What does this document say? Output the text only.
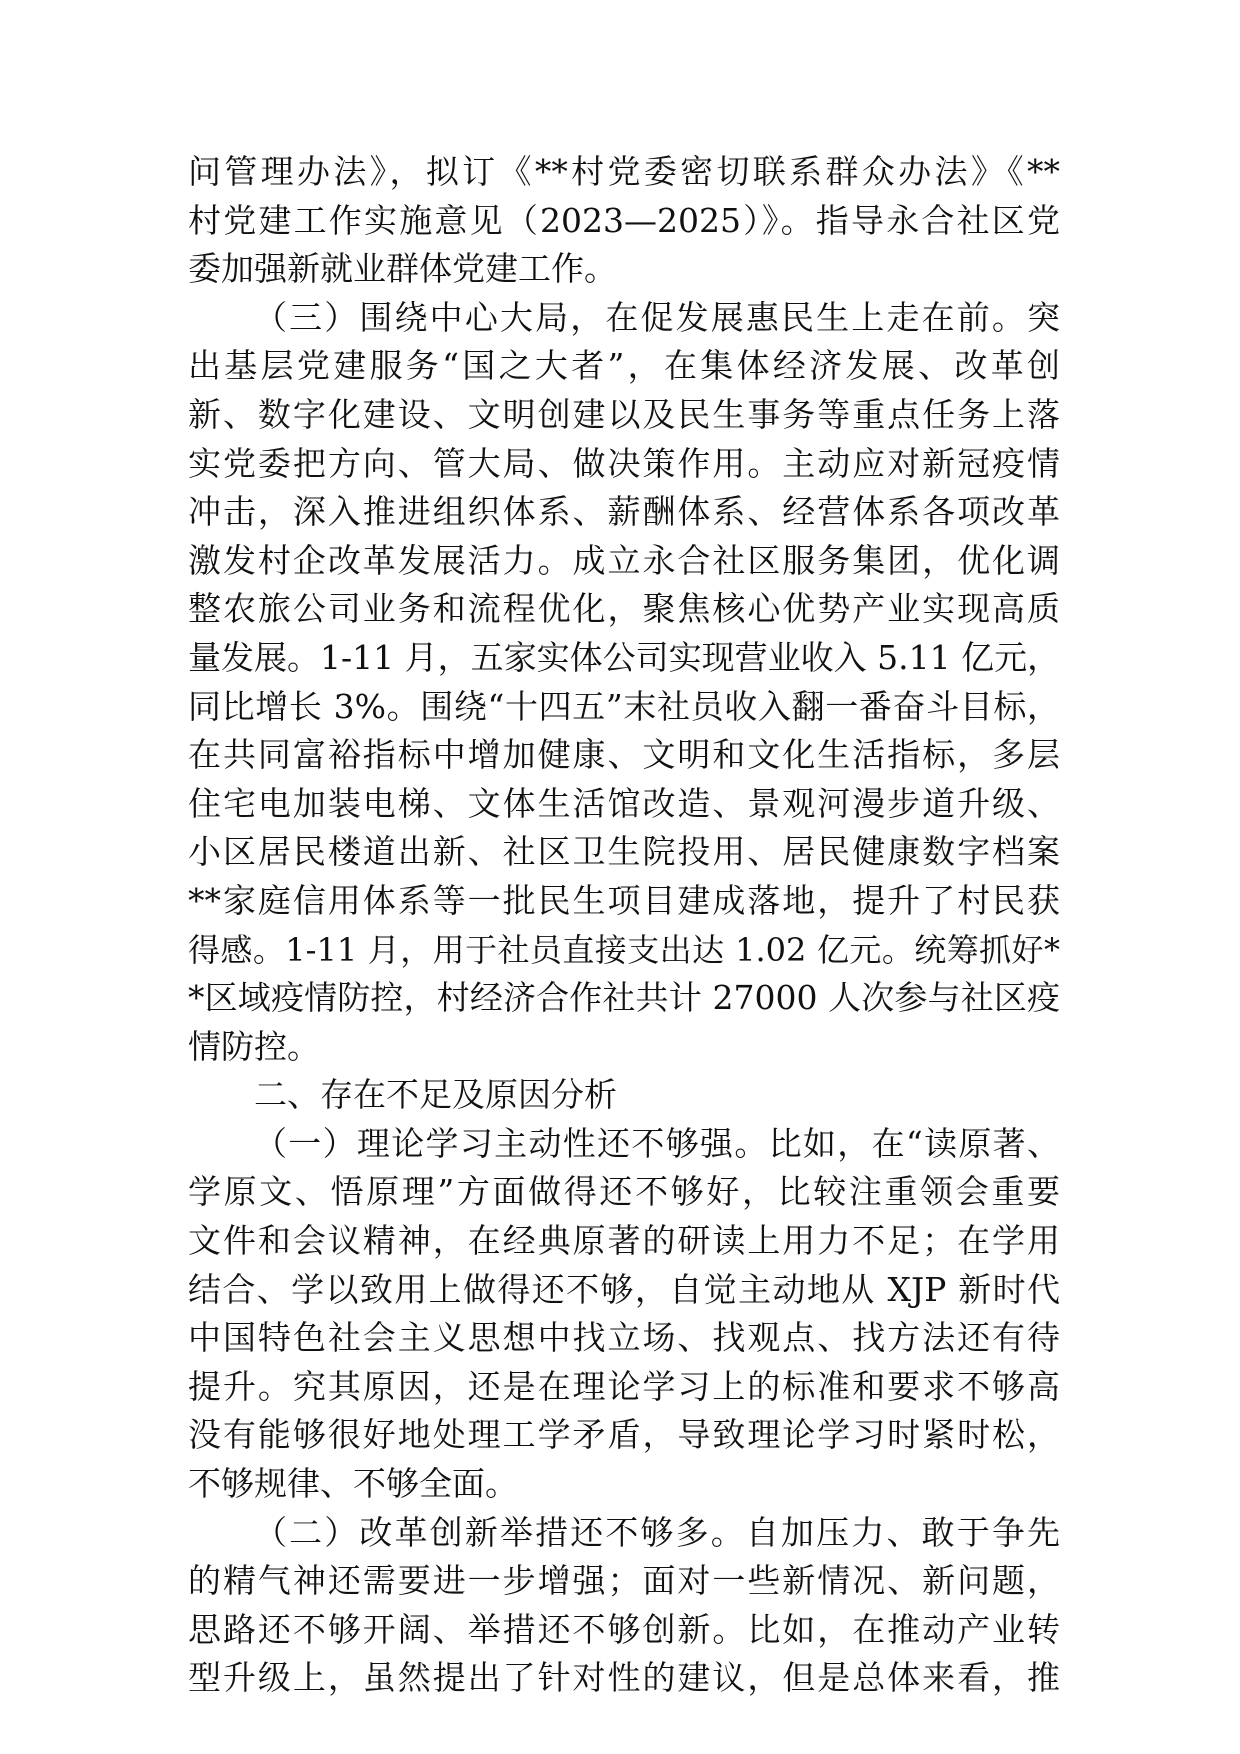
问管理办法》，拟订《**村党委密切联系群众办法》《**
村党建工作实施意见（2023—2025）》。指导永合社区党
委加强新就业群体党建工作。
（三）围绕中心大局，在促发展惠民生上走在前。突
出基层党建服务“国之大者”，在集体经济发展、改革创
新、数字化建设、文明创建以及民生事务等重点任务上落
实党委把方向、管大局、做决策作用。主动应对新冠疫情
冲击，深入推进组织体系、薪酬体系、经营体系各项改革
激发村企改革发展活力。成立永合社区服务集团，优化调
整农旅公司业务和流程优化，聚焦核心优势产业实现高质
量发展。1-11 月，五家实体公司实现营业收入 5.11 亿元，
同比增长 3%。围绕“十四五”末社员收入翻一番奋斗目标，
在共同富裕指标中增加健康、文明和文化生活指标，多层
住宅电加装电梯、文体生活馆改造、景观河漫步道升级、
小区居民楼道出新、社区卫生院投用、居民健康数字档案
**家庭信用体系等一批民生项目建成落地，提升了村民获
得感。1-11 月，用于社员直接支出达 1.02 亿元。统筹抓好*
*区域疫情防控，村经济合作社共计 27000 人次参与社区疫
情防控。
二、存在不足及原因分析
（一）理论学习主动性还不够强。比如，在“读原著、
学原文、悟原理”方面做得还不够好，比较注重领会重要
文件和会议精神，在经典原著的研读上用力不足；在学用
结合、学以致用上做得还不够，自觉主动地从 XJP 新时代
中国特色社会主义思想中找立场、找观点、找方法还有待
提升。究其原因，还是在理论学习上的标准和要求不够高
没有能够很好地处理工学矛盾，导致理论学习时紧时松，
不够规律、不够全面。
（二）改革创新举措还不够多。自加压力、敢于争先
的精气神还需要进一步增强；面对一些新情况、新问题，
思路还不够开阔、举措还不够创新。比如，在推动产业转
型升级上，虽然提出了针对性的建议，但是总体来看，推
